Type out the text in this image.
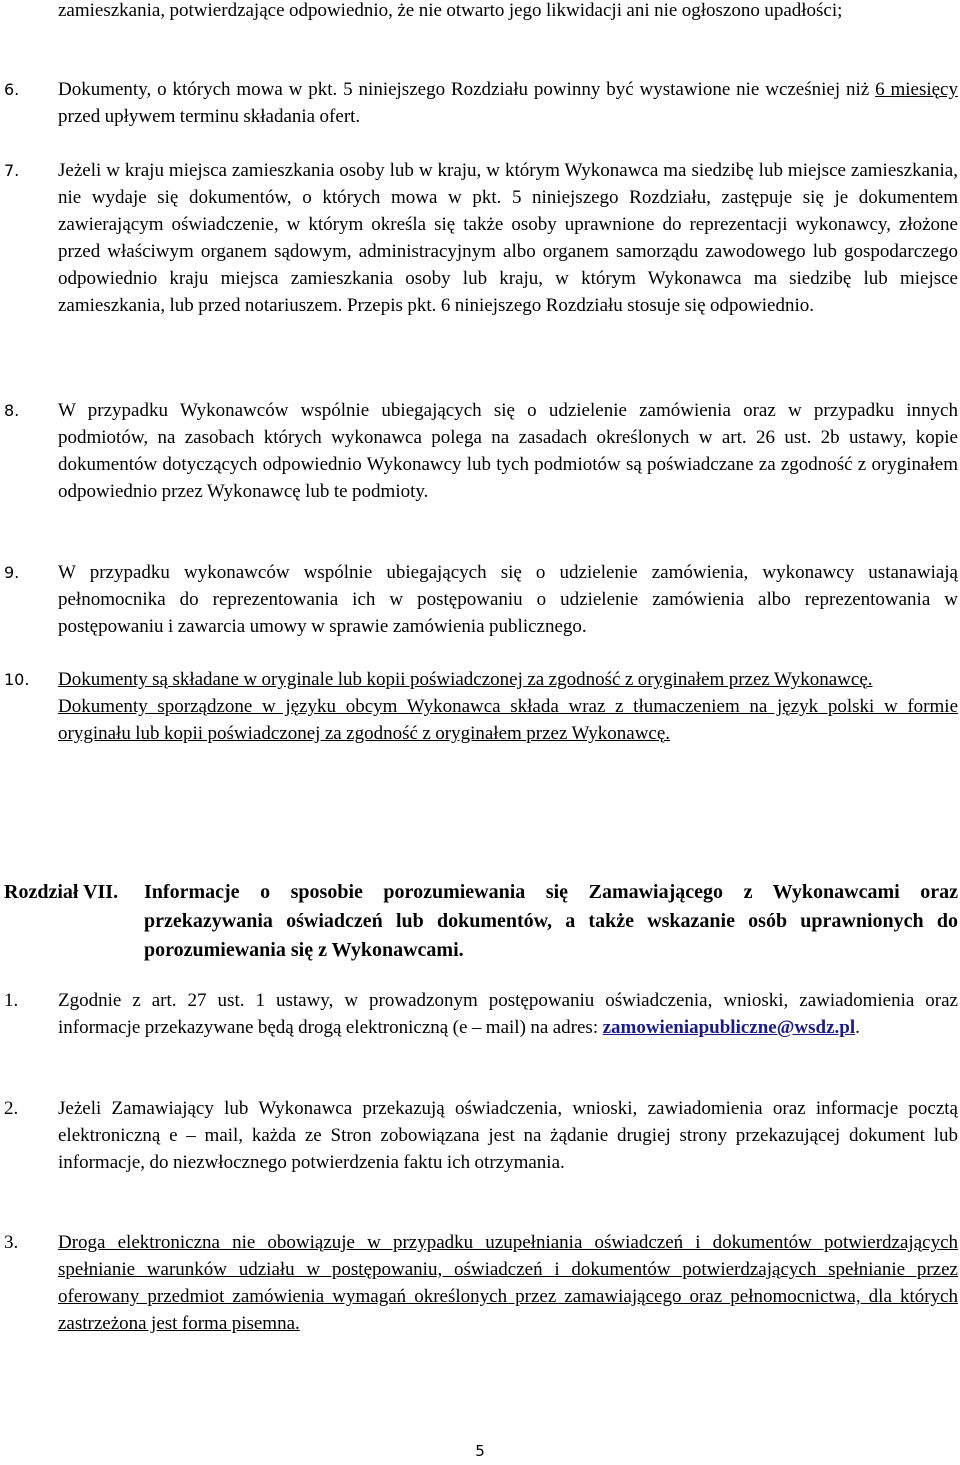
zamieszkania, potwierdzające odpowiednio, że nie otwarto jego likwidacji ani nie ogłoszono upadłości;
6. Dokumenty, o których mowa w pkt. 5 niniejszego Rozdziału powinny być wystawione nie wcześniej niż 6 miesięcy przed upływem terminu składania ofert.
7. Jeżeli w kraju miejsca zamieszkania osoby lub w kraju, w którym Wykonawca ma siedzibę lub miejsce zamieszkania, nie wydaje się dokumentów, o których mowa w pkt. 5 niniejszego Rozdziału, zastępuje się je dokumentem zawierającym oświadczenie, w którym określa się także osoby uprawnione do reprezentacji wykonawcy, złożone przed właściwym organem sądowym, administracyjnym albo organem samorządu zawodowego lub gospodarczego odpowiednio kraju miejsca zamieszkania osoby lub kraju, w którym Wykonawca ma siedzibę lub miejsce zamieszkania, lub przed notariuszem. Przepis pkt. 6 niniejszego Rozdziału stosuje się odpowiednio.
8. W przypadku Wykonawców wspólnie ubiegających się o udzielenie zamówienia oraz w przypadku innych podmiotów, na zasobach których wykonawca polega na zasadach określonych w art. 26 ust. 2b ustawy, kopie dokumentów dotyczących odpowiednio Wykonawcy lub tych podmiotów są poświadczane za zgodność z oryginałem odpowiednio przez Wykonawcę lub te podmioty.
9. W przypadku wykonawców wspólnie ubiegających się o udzielenie zamówienia, wykonawcy ustanawiają pełnomocnika do reprezentowania ich w postępowaniu o udzielenie zamówienia albo reprezentowania w postępowaniu i zawarcia umowy w sprawie zamówienia publicznego.
10. Dokumenty są składane w oryginale lub kopii poświadczonej za zgodność z oryginałem przez Wykonawcę.
Dokumenty sporządzone w języku obcym Wykonawca składa wraz z tłumaczeniem na język polski w formie oryginału lub kopii poświadczonej za zgodność z oryginałem przez Wykonawcę.
Rozdział VII. Informacje o sposobie porozumiewania się Zamawiającego z Wykonawcami oraz przekazywania oświadczeń lub dokumentów, a także wskazanie osób uprawnionych do porozumiewania się z Wykonawcami.
1. Zgodnie z art. 27 ust. 1 ustawy, w prowadzonym postępowaniu oświadczenia, wnioski, zawiadomienia oraz informacje przekazywane będą drogą elektroniczną (e – mail) na adres: zamowieniapubliczne@wsdz.pl.
2. Jeżeli Zamawiający lub Wykonawca przekazują oświadczenia, wnioski, zawiadomienia oraz informacje pocztą elektroniczną e – mail, każda ze Stron zobowiązana jest na żądanie drugiej strony przekazującej dokument lub informacje, do niezwłocznego potwierdzenia faktu ich otrzymania.
3. Droga elektroniczna nie obowiązuje w przypadku uzupełniania oświadczeń i dokumentów potwierdzających spełnianie warunków udziału w postępowaniu, oświadczeń i dokumentów potwierdzających spełnianie przez oferowany przedmiot zamówienia wymagań określonych przez zamawiającego oraz pełnomocnictwa, dla których zastrzeżona jest forma pisemna.
5
